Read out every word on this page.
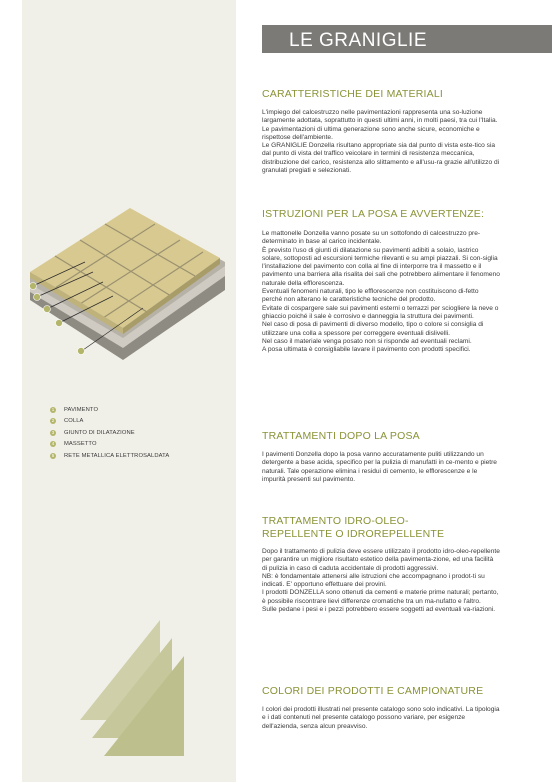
1	PAVIMENTO
2	COLLA
3	GIUNTO DI DILATAZIONE
4	MASSETTO
5	RETE METALLICA ELETTROSALDATA
LE GRANIGLIE
CARATTERISTICHE DEI MATERIALI

L'impiego del calcestruzzo nelle pavimentazioni rappresenta una so-luzione largamente adottata, soprattutto in questi ultimi anni, in molti paesi, tra cui l'Italia. Le pavimentazioni di ultima generazione sono anche sicure, economiche e rispettose dell'ambiente.

Le GRANIGLIE Donzella risultano appropriate sia dal punto di vista este-tico sia dal punto di vista del traffico veicolare in termini di resistenza meccanica, distribuzione del carico, resistenza allo slittamento e all'usu-ra grazie all'utilizzo di granulati pregiati e selezionati.

ISTRUZIONI PER LA POSA E AVVERTENZE:

Le mattonelle Donzella vanno posate su un sottofondo di calcestruzzo pre-determinato in base al carico incidentale.

È previsto l'uso di giunti di dilatazione su pavimenti adibiti a solaio, lastrico solare, sottoposti ad escursioni termiche rilevanti e su ampi piazzali. Si con-siglia l'installazione del pavimento con colla al fine di interporre tra il massetto e il pavimento una barriera alla risalita dei sali che potrebbero alimentare il fenomeno naturale della efflorescenza.

Eventuali fenomeni naturali, tipo le efflorescenze non costituiscono di-fetto perché non alterano le caratteristiche tecniche del prodotto.

Evitate di cospargere sale sui pavimenti esterni o terrazzi per sciogliere la neve o ghiaccio poiché il sale è corrosivo e danneggia la struttura dei pavimenti.

Nel caso di posa di pavimenti di diverso modello, tipo o colore si consiglia di utilizzare una colla a spessore per correggere eventuali dislivelli.

Nel caso il materiale venga posato non si risponde ad eventuali reclami.

A posa ultimata è consigliabile lavare il pavimento con prodotti specifici.

TRATTAMENTI DOPO LA POSA

I pavimenti Donzella dopo la posa vanno accuratamente puliti utilizzando un detergente a base acida, specifico per la pulizia di manufatti in ce-mento e pietre naturali. Tale operazione elimina i residui di cemento, le efflorescenze e le impurità presenti sul pavimento.

TRATTAMENTO IDRO-OLEO-REPELLENTE O IDROREPELLENTE

Dopo il trattamento di pulizia deve essere utilizzato il prodotto idro-oleo-repellente per garantire un migliore risultato estetico della pavimenta-zione, ed una facilità di pulizia in caso di caduta accidentale di prodotti aggressivi.

NB: è fondamentale attenersi alle istruzioni che accompagnano i prodot-ti su indicati. E' opportuno effettuare dei provini.

I prodotti DONZELLA sono ottenuti da cementi e materie prime naturali; pertanto, è possibile riscontrare lievi differenze cromatiche tra un ma-nufatto e l'altro.

Sulle pedane i pesi e i pezzi potrebbero essere soggetti ad eventuali va-riazioni.

COLORI DEI PRODOTTI E CAMPIONATURE

I colori dei prodotti illustrati nel presente catalogo sono solo indicativi. La tipologia e i dati contenuti nel presente catalogo possono variare, per esigenze dell'azienda, senza alcun preavviso.
